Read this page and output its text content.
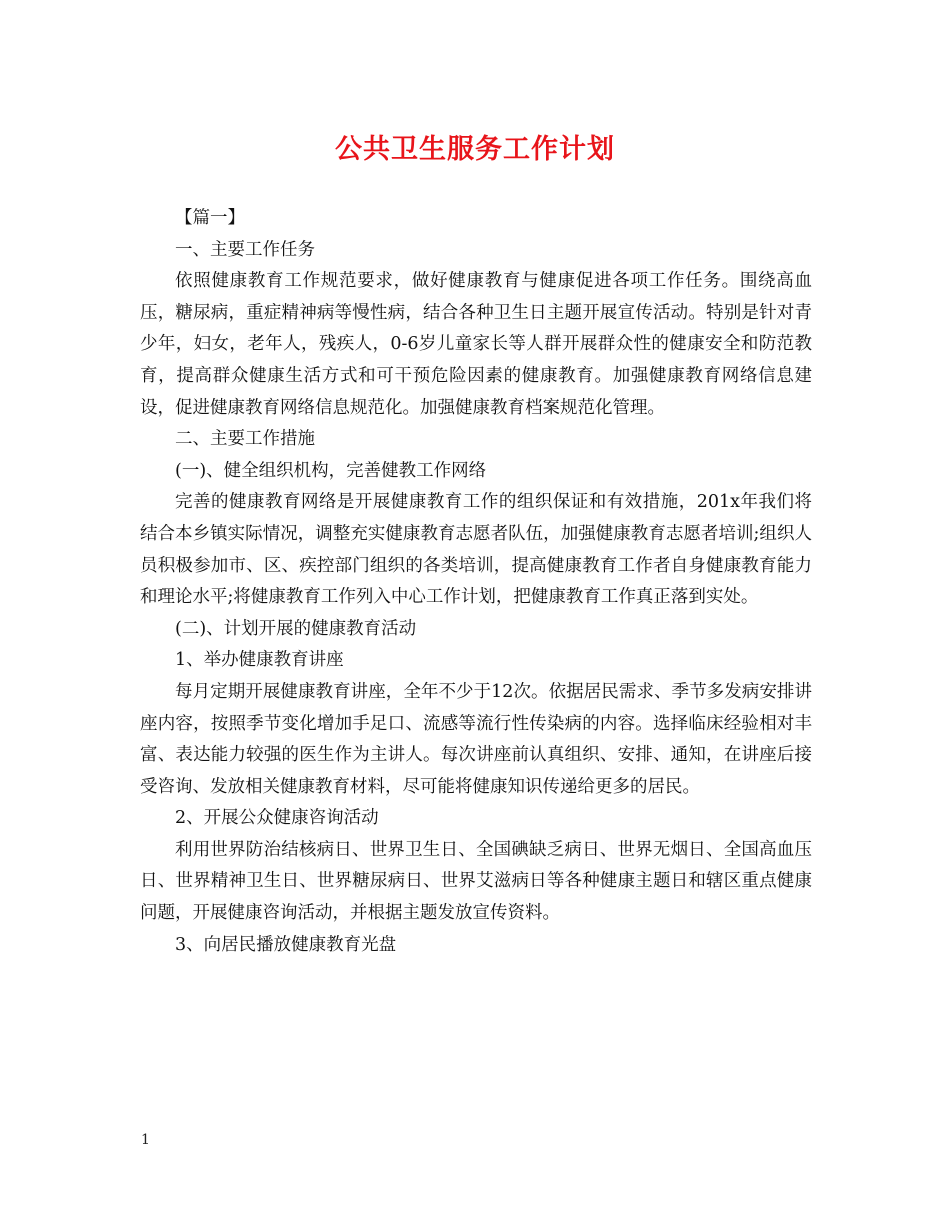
公共卫生服务工作计划

【篇一】

一、主要工作任务

依照健康教育工作规范要求，做好健康教育与健康促进各项工作任务。围绕高血压，糖尿病，重症精神病等慢性病，结合各种卫生日主题开展宣传活动。特别是针对青少年，妇女，老年人，残疾人，0-6岁儿童家长等人群开展群众性的健康安全和防范教育，提高群众健康生活方式和可干预危险因素的健康教育。加强健康教育网络信息建设，促进健康教育网络信息规范化。加强健康教育档案规范化管理。

二、主要工作措施

(一)、健全组织机构，完善健教工作网络

完善的健康教育网络是开展健康教育工作的组织保证和有效措施，201x年我们将结合本乡镇实际情况，调整充实健康教育志愿者队伍，加强健康教育志愿者培训;组织人员积极参加市、区、疾控部门组织的各类培训，提高健康教育工作者自身健康教育能力和理论水平;将健康教育工作列入中心工作计划，把健康教育工作真正落到实处。

(二)、计划开展的健康教育活动

1、举办健康教育讲座

每月定期开展健康教育讲座，全年不少于12次。依据居民需求、季节多发病安排讲座内容，按照季节变化增加手足口、流感等流行性传染病的内容。选择临床经验相对丰富、表达能力较强的医生作为主讲人。每次讲座前认真组织、安排、通知，在讲座后接受咨询、发放相关健康教育材料，尽可能将健康知识传递给更多的居民。

2、开展公众健康咨询活动

利用世界防治结核病日、世界卫生日、全国碘缺乏病日、世界无烟日、全国高血压日、世界精神卫生日、世界糖尿病日、世界艾滋病日等各种健康主题日和辖区重点健康问题，开展健康咨询活动，并根据主题发放宣传资料。

3、向居民播放健康教育光盘

1
